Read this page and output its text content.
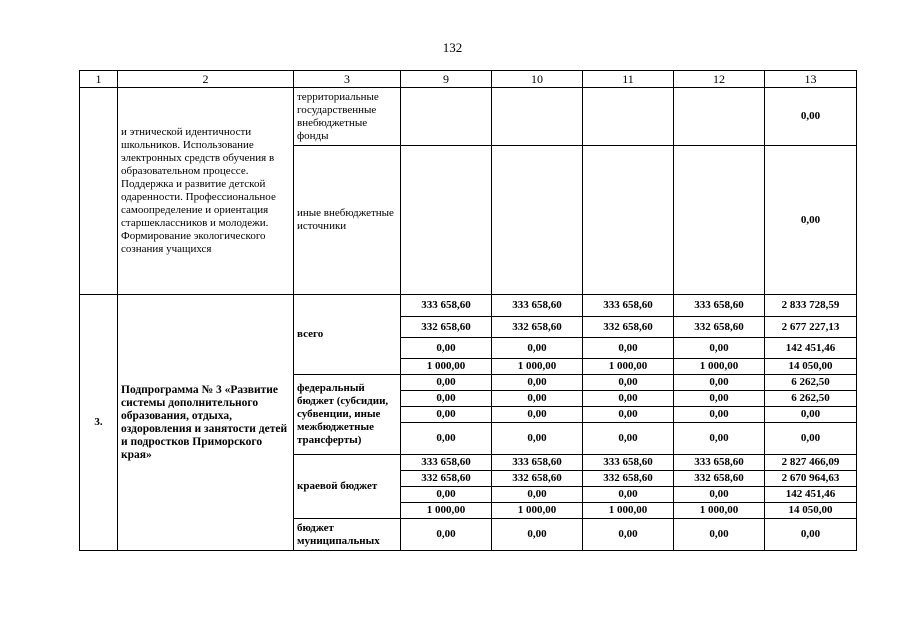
132
1	2	3	9	10	11	12	13
	и этнической идентичности школьников. Использование электронных средств обучения в образовательном процессе. Поддержка и развитие детской одаренности. Профессиональное самоопределение и ориентация старшеклассников и молодежи. Формирование экологического сознания учащихся	территориальные государственные внебюджетные фонды					0,00
		иные внебюджетные источники					0,00
3.	Подпрограмма № 3 «Развитие системы дополнительного образования, отдыха, оздоровления и занятости детей и подростков Приморского края»	всего	333 658,60	333 658,60	333 658,60	333 658,60	2 833 728,59
			332 658,60	332 658,60	332 658,60	332 658,60	2 677 227,13
			0,00	0,00	0,00	0,00	142 451,46
			1 000,00	1 000,00	1 000,00	1 000,00	14 050,00
		федеральный бюджет (субсидии, субвенции, иные межбюджетные трансферты)	0,00	0,00	0,00	0,00	6 262,50
			0,00	0,00	0,00	0,00	6 262,50
			0,00	0,00	0,00	0,00	0,00
			0,00	0,00	0,00	0,00	0,00
		краевой бюджет	333 658,60	333 658,60	333 658,60	333 658,60	2 827 466,09
			332 658,60	332 658,60	332 658,60	332 658,60	2 670 964,63
			0,00	0,00	0,00	0,00	142 451,46
			1 000,00	1 000,00	1 000,00	1 000,00	14 050,00
		бюджет муниципальных	0,00	0,00	0,00	0,00	0,00
